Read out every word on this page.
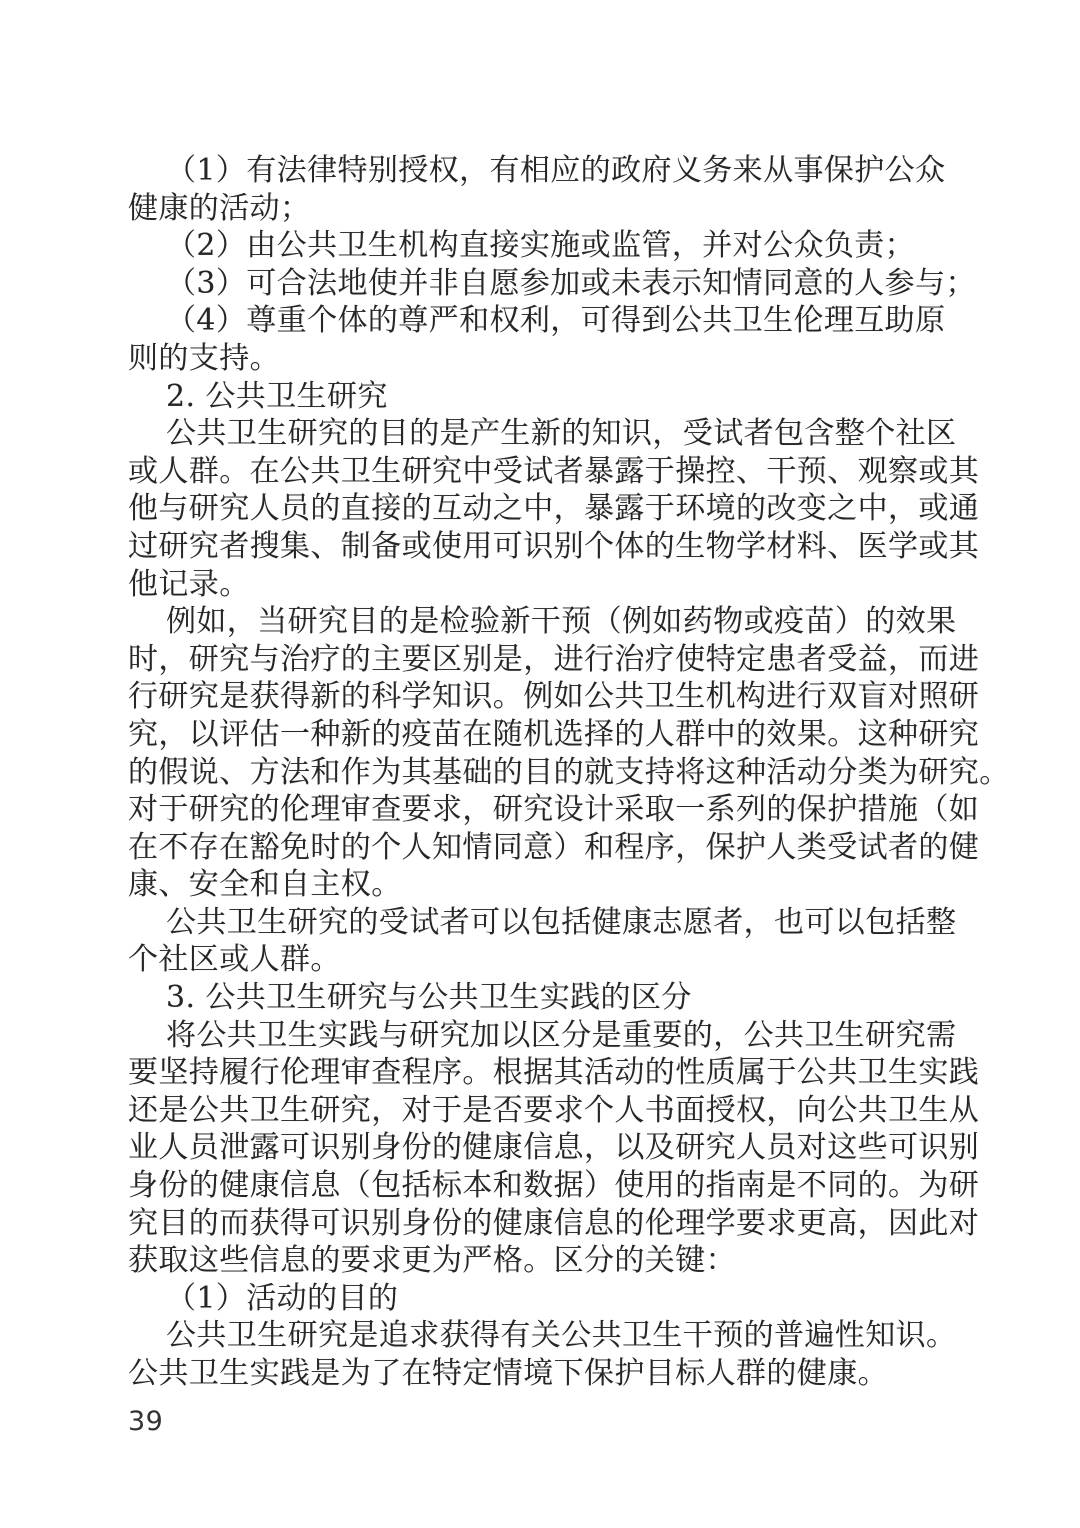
（1）有法律特别授权，有相应的政府义务来从事保护公众
健康的活动；
（2）由公共卫生机构直接实施或监管，并对公众负责；
（3）可合法地使并非自愿参加或未表示知情同意的人参与；
（4）尊重个体的尊严和权利，可得到公共卫生伦理互助原
则的支持。
2. 公共卫生研究
公共卫生研究的目的是产生新的知识，受试者包含整个社区
或人群。在公共卫生研究中受试者暴露于操控、干预、观察或其
他与研究人员的直接的互动之中，暴露于环境的改变之中，或通
过研究者搜集、制备或使用可识别个体的生物学材料、医学或其
他记录。
例如，当研究目的是检验新干预（例如药物或疫苗）的效果
时，研究与治疗的主要区别是，进行治疗使特定患者受益，而进
行研究是获得新的科学知识。例如公共卫生机构进行双盲对照研
究，以评估一种新的疫苗在随机选择的人群中的效果。这种研究
的假说、方法和作为其基础的目的就支持将这种活动分类为研究。
对于研究的伦理审查要求，研究设计采取一系列的保护措施（如
在不存在豁免时的个人知情同意）和程序，保护人类受试者的健
康、安全和自主权。
公共卫生研究的受试者可以包括健康志愿者，也可以包括整
个社区或人群。
3. 公共卫生研究与公共卫生实践的区分
将公共卫生实践与研究加以区分是重要的，公共卫生研究需
要坚持履行伦理审查程序。根据其活动的性质属于公共卫生实践
还是公共卫生研究，对于是否要求个人书面授权，向公共卫生从
业人员泄露可识别身份的健康信息，以及研究人员对这些可识别
身份的健康信息（包括标本和数据）使用的指南是不同的。为研
究目的而获得可识别身份的健康信息的伦理学要求更高，因此对
获取这些信息的要求更为严格。区分的关键：
（1）活动的目的
公共卫生研究是追求获得有关公共卫生干预的普遍性知识。
公共卫生实践是为了在特定情境下保护目标人群的健康。
39
